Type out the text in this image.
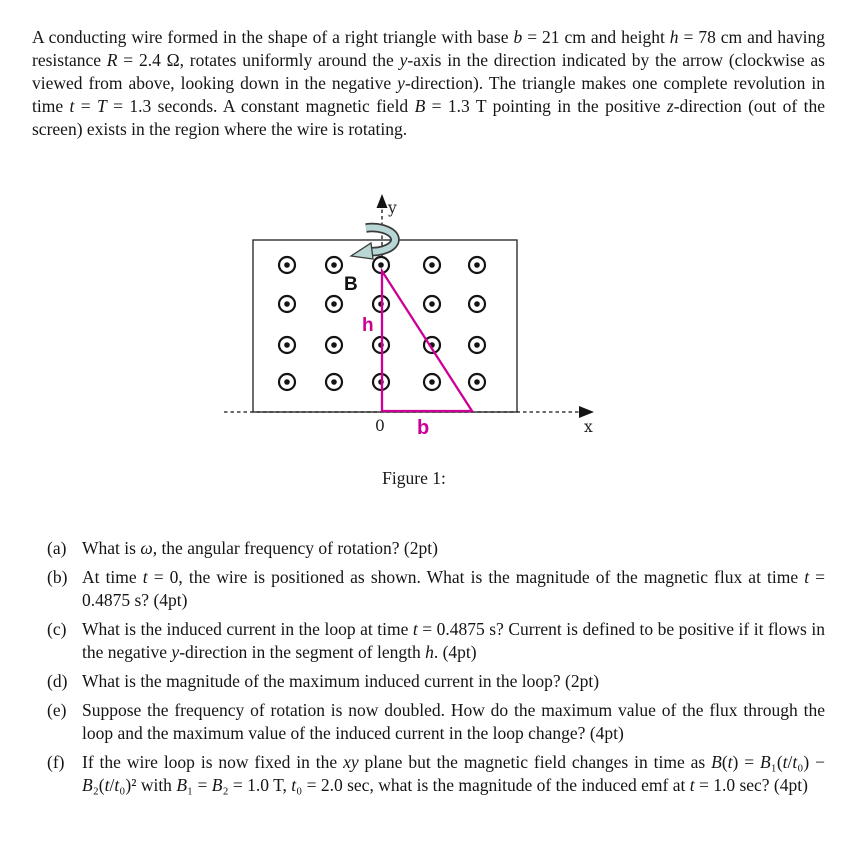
A conducting wire formed in the shape of a right triangle with base b = 21 cm and height h = 78 cm and having resistance R = 2.4 Ω, rotates uniformly around the y-axis in the direction indicated by the arrow (clockwise as viewed from above, looking down in the negative y-direction). The triangle makes one complete revolution in time t = T = 1.3 seconds. A constant magnetic field B = 1.3 T pointing in the positive z-direction (out of the screen) exists in the region where the wire is rotating.

B
h
b
0	x
y
Figure 1:
(a) What is ω, the angular frequency of rotation? (2pt)
(b) At time t = 0, the wire is positioned as shown. What is the magnitude of the magnetic flux at time t = 0.4875 s? (4pt)
(c) What is the induced current in the loop at time t = 0.4875 s? Current is defined to be positive if it flows in the negative y-direction in the segment of length h. (4pt)
(d) What is the magnitude of the maximum induced current in the loop? (2pt)
(e) Suppose the frequency of rotation is now doubled. How do the maximum value of the flux through the loop and the maximum value of the induced current in the loop change? (4pt)
(f) If the wire loop is now fixed in the xy plane but the magnetic field changes in time as B(t) = B₁(t/t₀) − B₂(t/t₀)² with B₁ = B₂ = 1.0 T, t₀ = 2.0 sec, what is the magnitude of the induced emf at t = 1.0 sec? (4pt)
